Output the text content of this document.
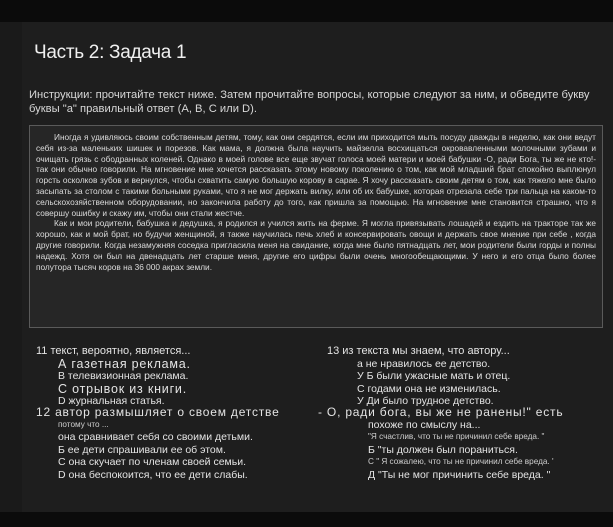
Часть 2: Задача 1
Инструкции: прочитайте текст ниже. Затем прочитайте вопросы, которые следуют за ним, и обведите букву буквы "а" правильный ответ (A, B, C или D).

Иногда я удивляюсь своим собственным детям, тому, как они сердятся, если им приходится мыть посуду дважды в неделю, как они ведут себя из-за маленьких шишек и порезов. Как мама, я должна была научить майзелла восхищаться окровавленными молочными зубами и очищать грязь с ободранных коленей. Однако в моей голове все еще звучат голоса моей матери и моей бабушки -О, ради Бога, ты же не кто!- так они обычно говорили. На мгновение мне хочется рассказать этому новому поколению о том, как мой младший брат спокойно выплюнул горсть осколков зубов и вернулся, чтобы схватить самую большую корову в сарае. Я хочу рассказать своим детям о том, как тяжело мне было засыпать за столом с такими больными руками, что я не мог держать вилку, или об их бабушке, которая отрезала себе три пальца на каком-то сельскохозяйственном оборудовании, но закончила работу до того, как пришла за помощью. На мгновение мне становится страшно, что я совершу ошибку и скажу им, чтобы они стали жестче.

Как и мои родители, бабушка и дедушка, я родился и учился жить на ферме. Я могла привязывать лошадей и ездить на тракторе так же хорошо, как и мой брат, но будучи женщиной, я также научилась печь хлеб и консервировать овощи и держать свое мнение при себе , когда другие говорили. Когда незамужняя соседка пригласила меня на свидание, когда мне было пятнадцать лет, мои родители были горды и полны надежд. Хотя он был на двенадцать лет старше меня, другие его цифры были очень многообещающими. У него и его отца было более полутора тысяч коров на 36 000 акрах земли.

11 текст, вероятно, является...
А газетная реклама.
В телевизионная реклама.
С отрывок из книги.
D журнальная статья.
13 из текста мы знаем, что автору...
а не нравилось ее детство.
У Б были ужасные мать и отец.
С годами она не изменилась.
У Ди было трудное детство.
12 автор размышляет о своем детстве
потому что ...
она сравнивает себя со своими детьми.
Б ее дети спрашивали ее об этом.
С она скучает по членам своей семьи.
D она беспокоится, что ее дети слабы.
- О, ради бога, вы же не ранены!" есть
похоже по смыслу на...
"Я счастлив, что ты не причинил себе вреда. "
Б "ты должен был пораниться.
С " Я сожалею, что ты не причинил себе вреда. '
Д "Ты не мог причинить себе вреда. "
